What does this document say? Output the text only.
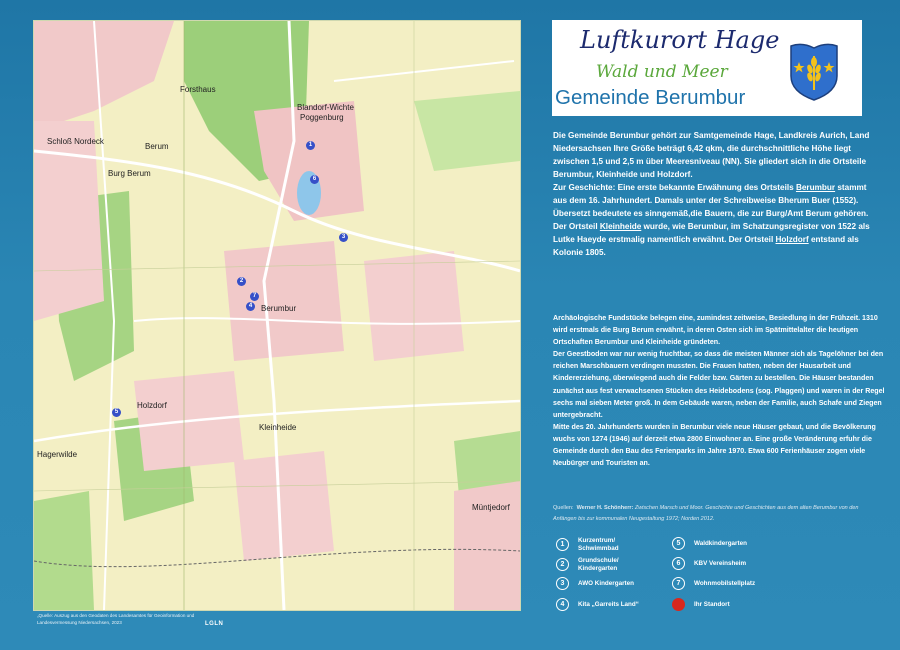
Forsthaus
Blandorf-Wichte
Poggenburg
Schloß Nordeck
Berum
Burg Berum
Berumbur
Holzdorf
Kleinheide
Hagerwilde
Müntjedorf
1
2
3
4
5
6
7
„Quelle: Auszug aus den Geodaten des Landesamtes für Geoinformation und Landesvermessung Niedersachsen, 2023	LGLN
Luftkurort Hage
Wald und Meer
Gemeinde Berumbur
Die Gemeinde Berumbur gehört zur Samtgemeinde Hage, Landkreis Aurich, Land Niedersachsen Ihre Größe beträgt 6,42 qkm, die durchschnittliche Höhe liegt zwischen 1,5 und 2,5 m über Meeresniveau (NN). Sie gliedert sich in die Ortsteile Berumbur, Kleinheide und Holzdorf.
Zur Geschichte: Eine erste bekannte Erwähnung des Ortsteils Berumbur stammt aus dem 16. Jahrhundert. Damals unter der Schreibweise Bherum Buer (1552). Übersetzt bedeutete es sinngemäß,die Bauern, die zur Burg/Amt Berum gehören. Der Ortsteil Kleinheide wurde, wie Berumbur, im Schatzungsregister von 1522 als Lutke Haeyde erstmalig namentlich erwähnt. Der Ortsteil Holzdorf entstand als Kolonie 1805.
Archäologische Fundstücke belegen eine, zumindest zeitweise, Besiedlung in der Frühzeit. 1310 wird erstmals die Burg Berum erwähnt, in deren Osten sich im Spätmittelalter die heutigen Ortschaften Berumbur und Kleinheide gründeten.
Der Geestboden war nur wenig fruchtbar, so dass die meisten Männer sich als Tagelöhner bei den reichen Marschbauern verdingen mussten. Die Frauen hatten, neben der Hausarbeit und Kindererziehung, überwiegend auch die Felder bzw. Gärten zu bestellen. Die Häuser bestanden zunächst aus fest verwachsenen Stücken des Heidebodens (sog. Plaggen) und waren in der Regel sechs mal sieben Meter groß. In dem Gebäude waren, neben der Familie, auch Schafe und Ziegen untergebracht.
Mitte des 20. Jahrhunderts wurden in Berumbur viele neue Häuser gebaut, und die Bevölkerung wuchs von 1274 (1946) auf derzeit etwa 2800 Einwohner an. Eine große Veränderung erfuhr die Gemeinde durch den Bau des Ferienparks im Jahre 1970. Etwa 600 Ferienhäuser zogen viele Neubürger und Touristen an.
Quellen: Werner H. Schönherr: Zwischen Marsch und Moor. Geschichte und Geschichten aus dem alten Berumbur von den Anfängen bis zur kommunalen Neugestaltung 1972; Norden 2012.
1
Kurzentrum/ Schwimmbad
2
Grundschule/ Kindergarten
3	AWO Kindergarten
4	Kita „Garreits Land“
5	Waldkindergarten
6	KBV Vereinsheim
7	Wohnmobilstellplatz
Ihr Standort
